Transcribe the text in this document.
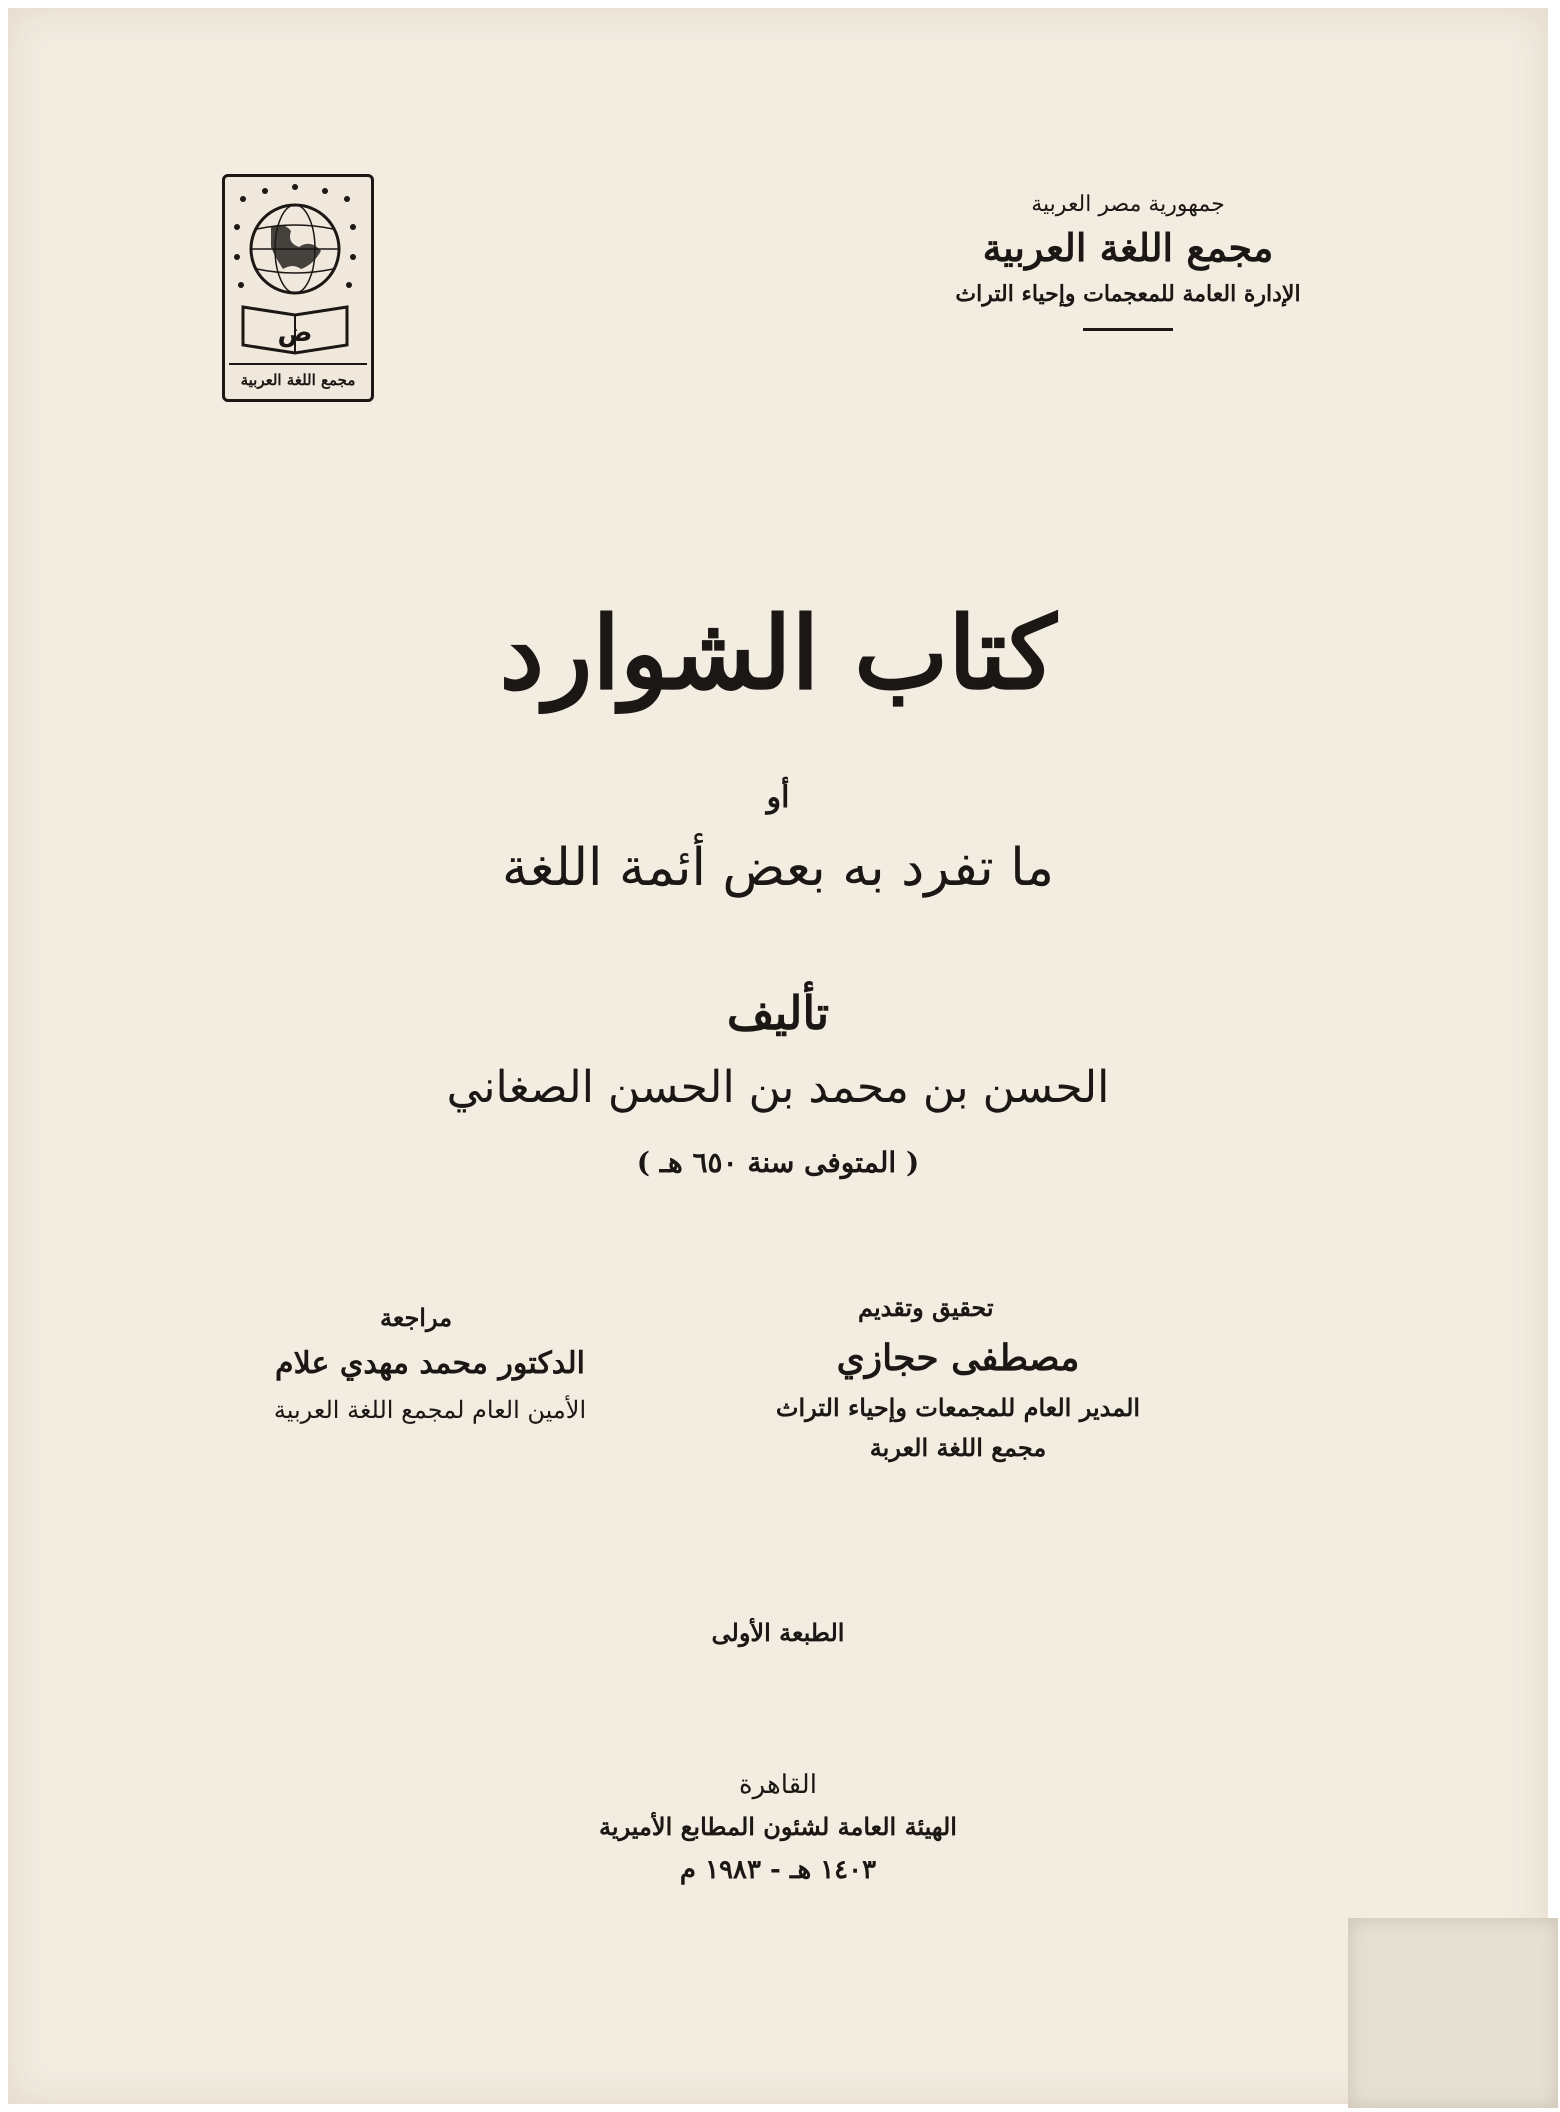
جمهورية مصر العربية
مجمع اللغة العربية
الإدارة العامة للمعجمات وإحياء التراث
ض
مجمع اللغة العربية
كتاب الشوارد
أو
ما تفرد به بعض أئمة اللغة
تأليف
الحسن بن محمد بن الحسن الصغاني
( المتوفى سنة ٦٥٠ هـ )
تحقيق وتقديم
مصطفى حجازي
المدير العام للمجمعات وإحياء التراث
مجمع اللغة العربة
مراجعة
الدكتور محمد مهدي علام
الأمين العام لمجمع اللغة العربية
الطبعة الأولى
القاهرة
الهيئة العامة لشئون المطابع الأميرية
١٤٠٣ هـ - ١٩٨٣ م
